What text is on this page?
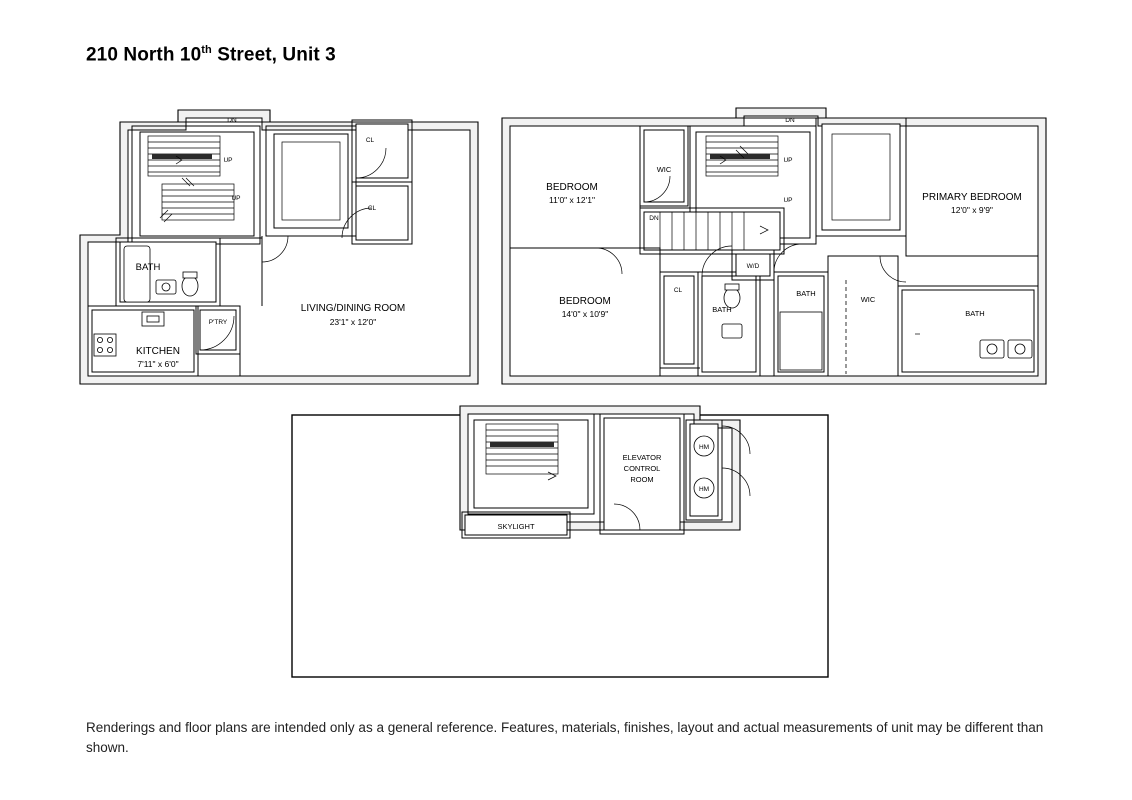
210 North 10th Street, Unit 3
DN
UP
UP
CL
CL
BATH
P'TRY
KITCHEN
7'11" x 6'0"
LIVING/DINING ROOM
23'1" x 12'0"
BEDROOM
11'0" x 12'1"
WIC
DN
UP
DN
UP	PRIMARY BEDROOM
12'0" x 9'9"
BEDROOM
14'0" x 10'9"
CL
BATH
W/D
BATH
WIC
BATH
SKYLIGHT
ELEVATOR
CONTROL
ROOM
HM
HM
Renderings and floor plans are intended only as a general reference. Features, materials, finishes, layout and actual measurements of unit may be different than shown.
